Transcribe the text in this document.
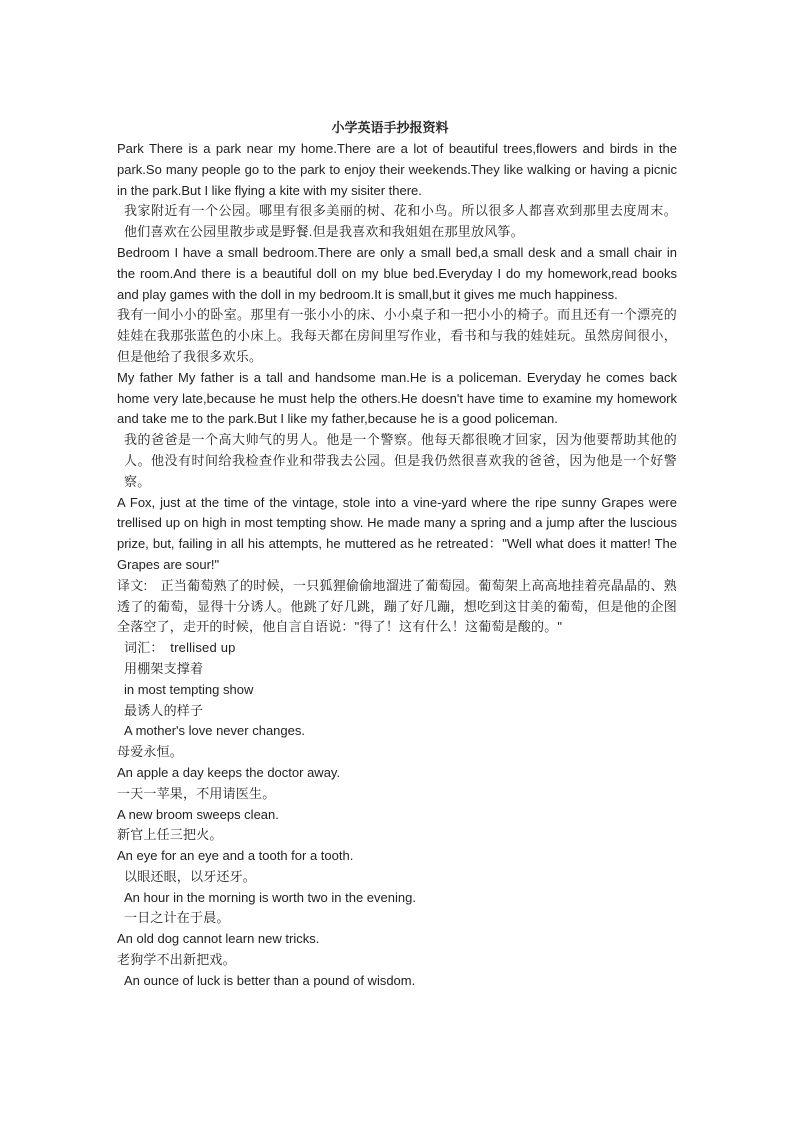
小学英语手抄报资料

Park There is a park near my home.There are a lot of beautiful trees,flowers and birds in the park.So many people go to the park to enjoy their weekends.They like walking or having a picnic in the park.But I like flying a kite with my sisiter there.

我家附近有一个公园。哪里有很多美丽的树、花和小鸟。所以很多人都喜欢到那里去度周末。他们喜欢在公园里散步或是野餐.但是我喜欢和我姐姐在那里放风筝。

Bedroom I have a small bedroom.There are only a small bed,a small desk and a small chair in the room.And there is a beautiful doll on my blue bed.Everyday I do my homework,read books and play games with the doll in my bedroom.It is small,but it gives me much happiness.

我有一间小小的卧室。那里有一张小小的床、小小桌子和一把小小的椅子。而且还有一个漂亮的娃娃在我那张蓝色的小床上。我每天都在房间里写作业，看书和与我的娃娃玩。虽然房间很小，但是他给了我很多欢乐。

My father My father is a tall and handsome man.He is a policeman. Everyday he comes back home very late,because he must help the others.He doesn't have time to examine my homework and take me to the park.But I like my father,because he is a good policeman.

我的爸爸是一个高大帅气的男人。他是一个警察。他每天都很晚才回家，因为他要帮助其他的人。他没有时间给我检查作业和带我去公园。但是我仍然很喜欢我的爸爸，因为他是一个好警察。

A Fox, just at the time of the vintage, stole into a vine-yard where the ripe sunny Grapes were trellised up on high in most tempting show. He made many a spring and a jump after the luscious prize, but, failing in all his attempts, he muttered as he retreated："Well what does it matter! The Grapes are sour!"

译文:　正当葡萄熟了的时候，一只狐狸偷偷地溜进了葡萄园。葡萄架上高高地挂着亮晶晶的、熟透了的葡萄，显得十分诱人。他跳了好几跳，蹦了好几蹦，想吃到这甘美的葡萄，但是他的企图全落空了，走开的时候，他自言自语说："得了！这有什么！这葡萄是酸的。"

词汇：　trellised up

用棚架支撑着

in most tempting show

最诱人的样子

A mother's love never changes.

母爱永恒。

An apple a day keeps the doctor away.

一天一苹果，不用请医生。

A new broom sweeps clean.

新官上任三把火。

An eye for an eye and a tooth for a tooth.

以眼还眼，以牙还牙。

An hour in the morning is worth two in the evening.

一日之计在于晨。

An old dog cannot learn new tricks.

老狗学不出新把戏。

An ounce of luck is better than a pound of wisdom.
